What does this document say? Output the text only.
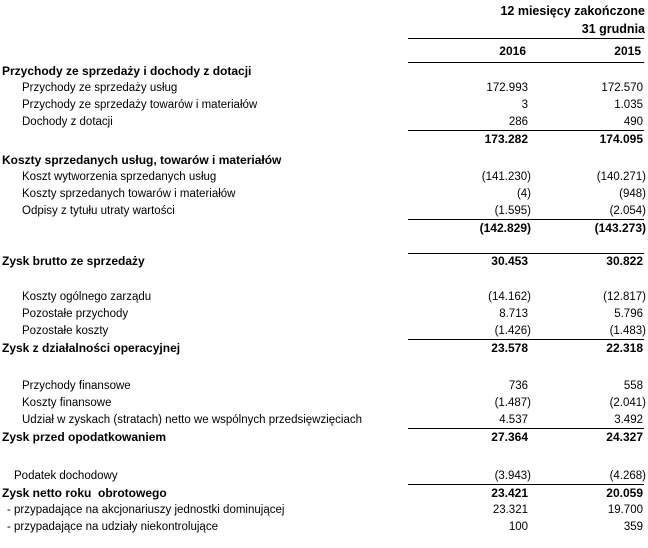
12 miesięcy zakończone
31 grudnia
2016	2015
Przychody ze sprzedaży i dochody z dotacji
Przychody ze sprzedaży usług	172.993	172.570
Przychody ze sprzedaży towarów i materiałów	3	1.035
Dochody z dotacji	286	490
173.282	174.095
Koszty sprzedanych usług, towarów i materiałów
Koszt wytworzenia sprzedanych usług	(141.230)	(140.271)
Koszty sprzedanych towarów i materiałów	(4)	(948)
Odpisy z tytułu utraty wartości	(1.595)	(2.054)
(142.829)	(143.273)
Zysk brutto ze sprzedaży	30.453	30.822
Koszty ogólnego zarządu	(14.162)	(12.817)
Pozostałe przychody	8.713	5.796
Pozostałe koszty	(1.426)	(1.483)
Zysk z działalności operacyjnej	23.578	22.318
Przychody finansowe	736	558
Koszty finansowe	(1.487)	(2.041)
Udział w zyskach (stratach) netto we wspólnych przedsięwzięciach	4.537	3.492
Zysk przed opodatkowaniem	27.364	24.327
Podatek dochodowy	(3.943)	(4.268)
Zysk netto roku  obrotowego	23.421	20.059
- przypadające na akcjonariuszy jednostki dominującej	23.321	19.700
- przypadające na udziały niekontrolujące	100	359
